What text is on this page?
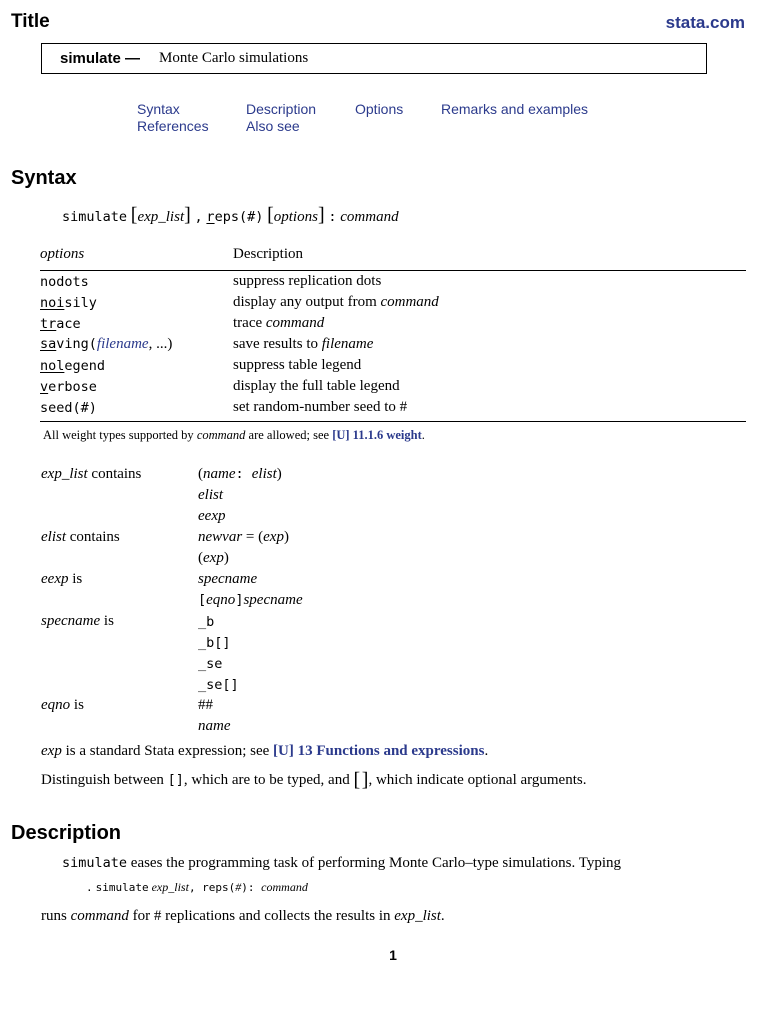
Title	stata.com
simulate — Monte Carlo simulations
Syntax	Description	Options	Remarks and examples
References	Also see
Syntax
simulate [exp_list] , reps(#) [options] : command
options	Description
nodots	suppress replication dots
noisily	display any output from command
trace	trace command
saving(filename, ...)	save results to filename
nolegend	suppress table legend
verbose	display the full table legend
seed(#)	set random-number seed to #
All weight types supported by command are allowed; see [U] 11.1.6 weight.
exp_list contains	(name: elist)
elist
eexp
elist contains	newvar = (exp)
(exp)
eexp is	specname
[eqno]specname
specname is	_b
_b[]
_se
_se[]
eqno is	##
name
exp is a standard Stata expression; see [U] 13 Functions and expressions.
Distinguish between [], which are to be typed, and [ ], which indicate optional arguments.
Description
simulate eases the programming task of performing Monte Carlo–type simulations. Typing
. simulate exp_list, reps(#): command
runs command for # replications and collects the results in exp_list.
1
